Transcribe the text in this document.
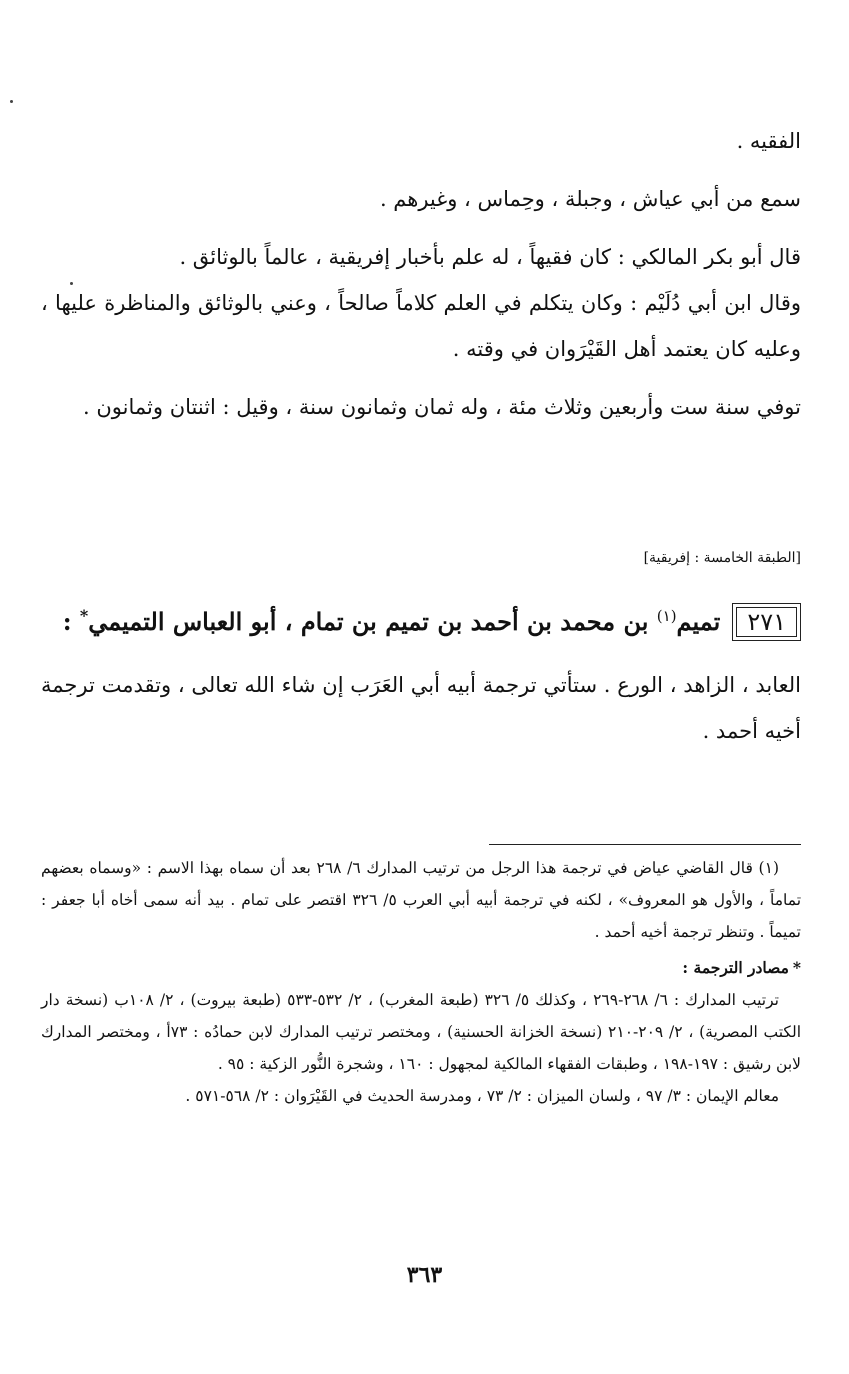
الفقيه .

سمع من أبي عياش ، وجبلة ، وحِماس ، وغيرهم .

قال أبو بكر المالكي : كان فقيهاً ، له علم بأخبار إفريقية ، عالماً بالوثائق .

وقال ابن أبي دُلَيْم : وكان يتكلم في العلم كلاماً صالحاً ، وعني بالوثائق والمناظرة عليها ، وعليه كان يعتمد أهل القَيْرَوان في وقته .

توفي سنة ست وأربعين وثلاث مئة ، وله ثمان وثمانون سنة ، وقيل : اثنتان وثمانون .

[الطبقة الخامسة : إفريقية]

٢٧١تميم$^{(١)}$ بن محمد بن أحمد بن تميم بن تمام ، أبو العباس التميمي* :

العابد ، الزاهد ، الورع . ستأتي ترجمة أبيه أبي العَرَب إن شاء الله تعالى ، وتقدمت ترجمة أخيه أحمد .

(١) قال القاضي عياض في ترجمة هذا الرجل من ترتيب المدارك ٦/ ٢٦٨ بعد أن سماه بهذا الاسم : «وسماه بعضهم تماماً ، والأول هو المعروف» ، لكنه في ترجمة أبيه أبي العرب ٥/ ٣٢٦ اقتصر على تمام . بيد أنه سمى أخاه أبا جعفر : تميماً . وتنظر ترجمة أخيه أحمد .

*مصادر الترجمة :

ترتيب المدارك : ٦/ ٢٦٨-٢٦٩ ، وكذلك ٥/ ٣٢٦ (طبعة المغرب) ، ٢/ ٥٣٢-٥٣٣ (طبعة بيروت) ، ٢/ ١٠٨ب (نسخة دار الكتب المصرية) ، ٢/ ٢٠٩-٢١٠ (نسخة الخزانة الحسنية) ، ومختصر ترتيب المدارك لابن حمادُه : ٧٣أ ، ومختصر المدارك لابن رشيق : ١٩٧-١٩٨ ، وطبقات الفقهاء المالكية لمجهول : ١٦٠ ، وشجرة النُّور الزكية : ٩٥ .

معالم الإيمان : ٣/ ٩٧ ، ولسان الميزان : ٢/ ٧٣ ، ومدرسة الحديث في القَيْرَوان : ٢/ ٥٦٨-٥٧١ .

٣٦٣
